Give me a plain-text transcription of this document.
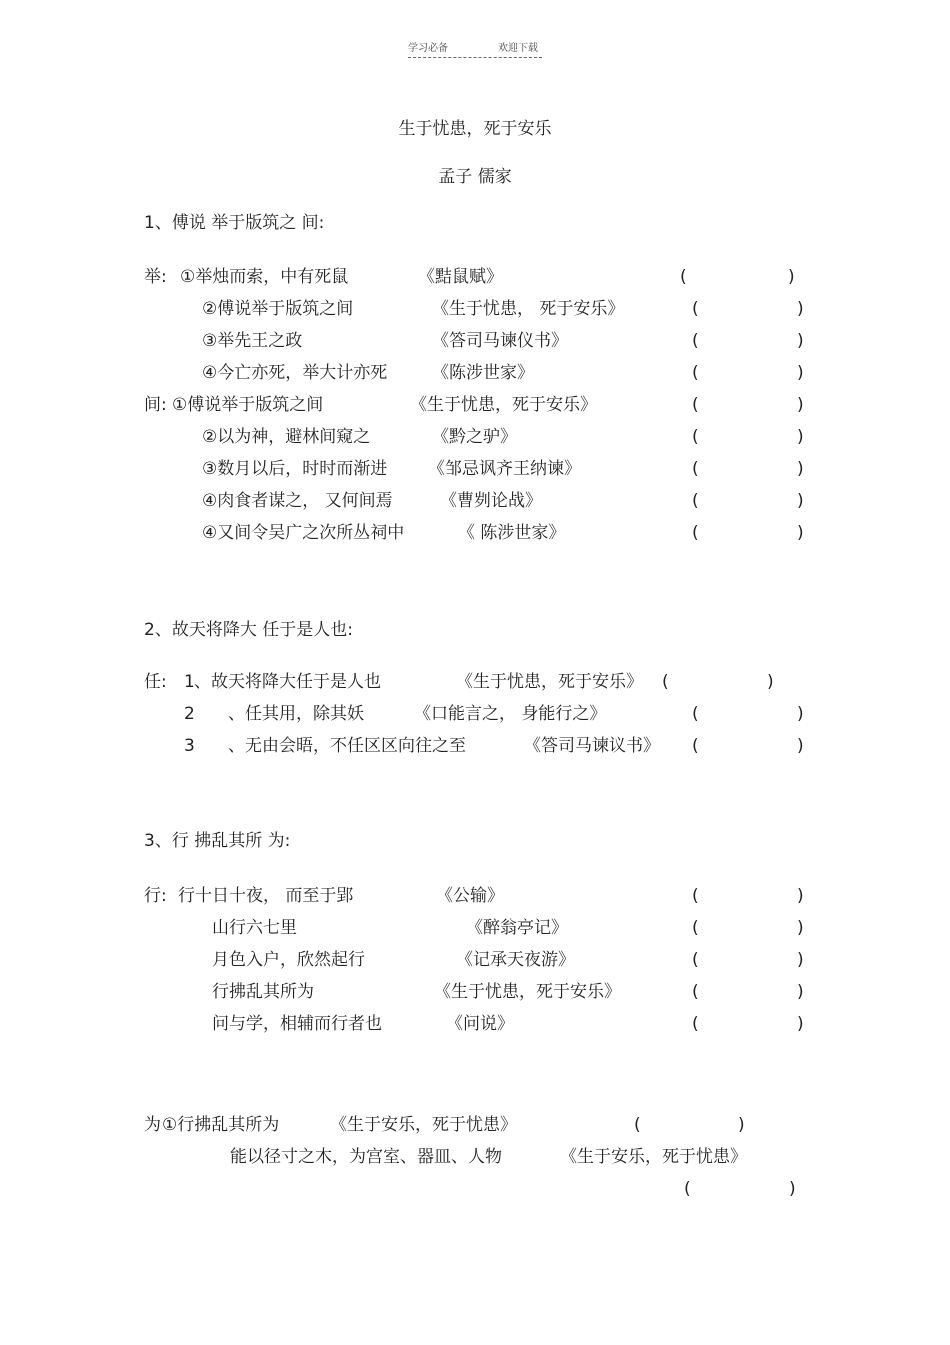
学习必备	欢迎下载
生于忧患，死于安乐
孟子 儒家
1、傅说 举于版筑之 间:
举: ①举烛而索，中有死鼠	《黠鼠赋》	(	)
②傅说举于版筑之间	《生于忧患， 死于安乐》	(	)
③举先王之政	《答司马谏仪书》	(	)
④今亡亦死，举大计亦死	《陈涉世家》	(	)
间: ①傅说举于版筑之间	《生于忧患，死于安乐》	(	)
②以为神，避林间窥之	《黔之驴》	(	)
③数月以后，时时而渐进 《邹忌讽齐王纳谏》	(	)
④肉食者谋之， 又何间焉	《曹刿论战》	(	)
④又间令吴广之次所丛祠中	《 陈涉世家》	(	)
2、故天将降大 任于是人也:
任: 1 、故天将降大任于是人也	《生于忧患，死于安乐》 (	)
2 、任其用，除其妖	《口能言之， 身能行之》	(	)
3 、无由会晤，不任区区向往之至	《答司马谏议书》 (	)
3、行 拂乱其所 为:
行: 行十日十夜， 而至于郢	《公输》	(	)
山行六七里	《醉翁亭记》	(	)
月色入户，欣然起行	《记承天夜游》	(	)
行拂乱其所为	《生于忧患，死于安乐》	(	)
问与学，相辅而行者也	《问说》	(	)
为 ①行拂乱其所为	《生于安乐，死于忧患》	(	)
能以径寸之木，为宫室、器皿、人物	《生于安乐，死于忧患》
(	)
